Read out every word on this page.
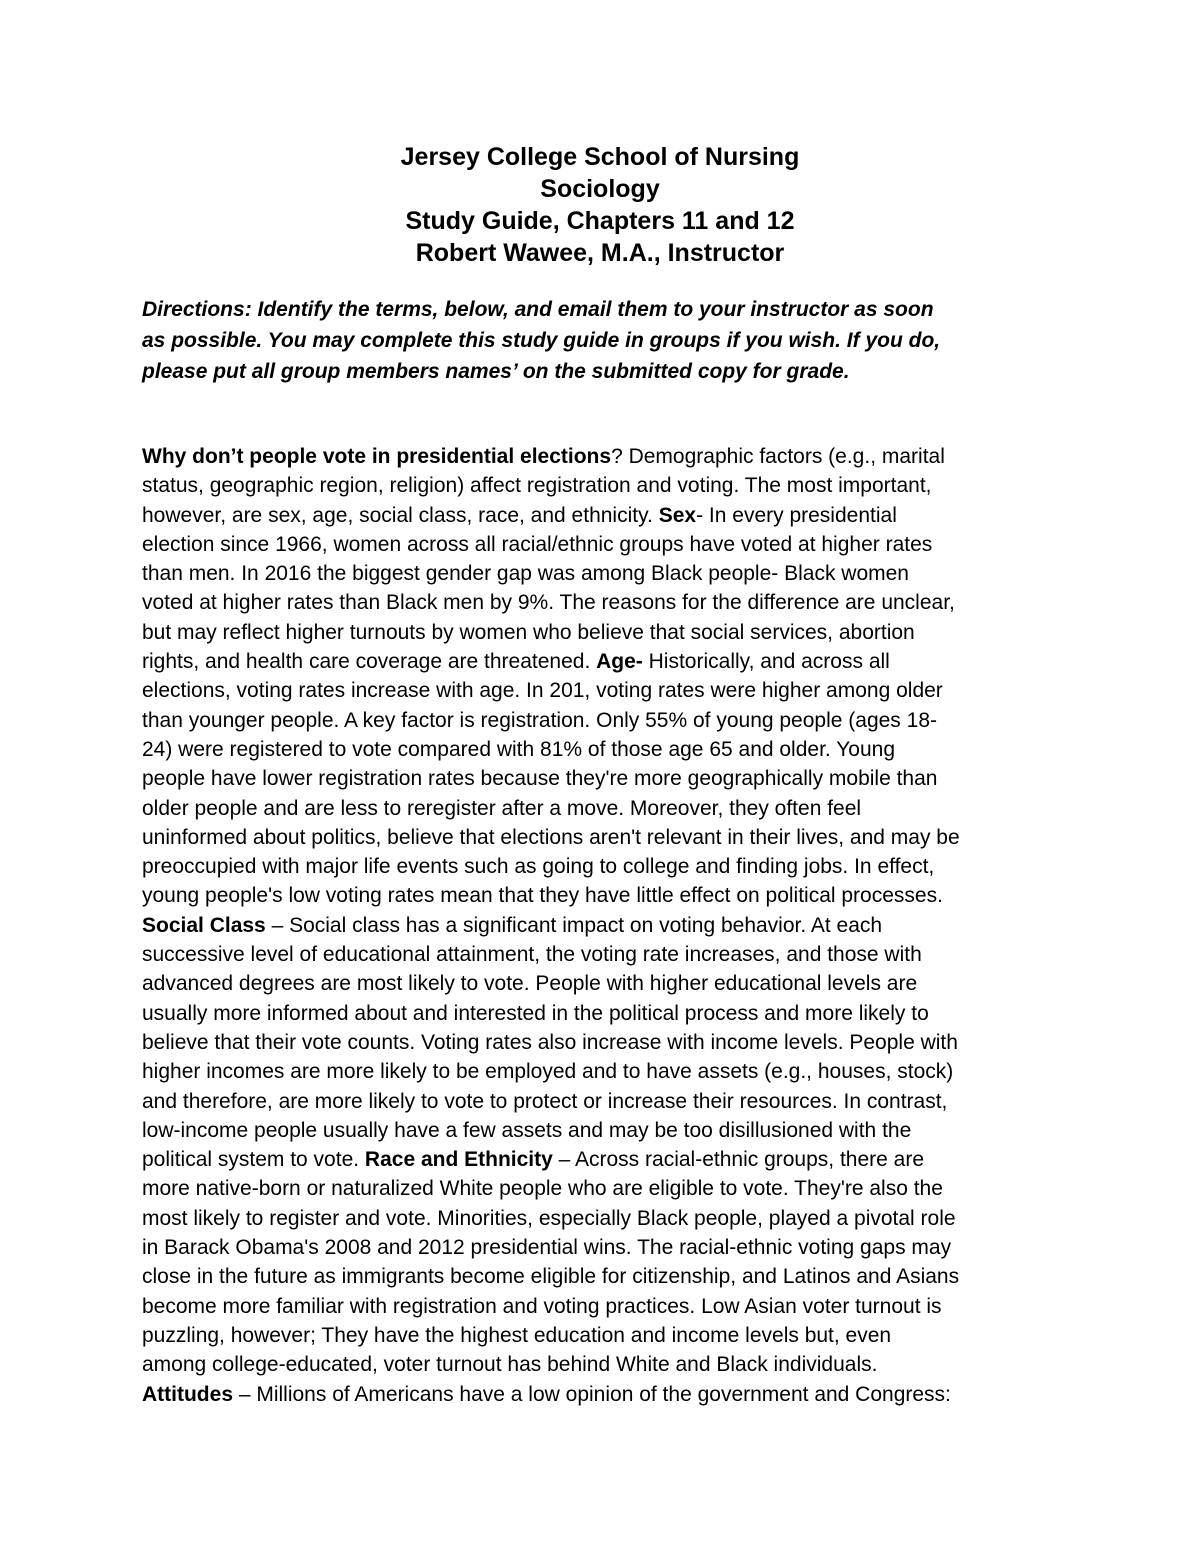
Jersey College School of Nursing
Sociology
Study Guide, Chapters 11 and 12
Robert Wawee, M.A., Instructor
Directions: Identify the terms, below, and email them to your instructor as soon
as possible. You may complete this study guide in groups if you wish. If you do,
please put all group members names’ on the submitted copy for grade.
Why don’t people vote in presidential elections? Demographic factors (e.g., marital
status, geographic region, religion) affect registration and voting. The most important,
however, are sex, age, social class, race, and ethnicity. Sex- In every presidential
election since 1966, women across all racial/ethnic groups have voted at higher rates
than men. In 2016 the biggest gender gap was among Black people- Black women
voted at higher rates than Black men by 9%. The reasons for the difference are unclear,
but may reflect higher turnouts by women who believe that social services, abortion
rights, and health care coverage are threatened. Age- Historically, and across all
elections, voting rates increase with age. In 201, voting rates were higher among older
than younger people. A key factor is registration. Only 55% of young people (ages 18-
24) were registered to vote compared with 81% of those age 65 and older. Young
people have lower registration rates because they're more geographically mobile than
older people and are less to reregister after a move. Moreover, they often feel
uninformed about politics, believe that elections aren't relevant in their lives, and may be
preoccupied with major life events such as going to college and finding jobs. In effect,
young people's low voting rates mean that they have little effect on political processes.
Social Class – Social class has a significant impact on voting behavior. At each
successive level of educational attainment, the voting rate increases, and those with
advanced degrees are most likely to vote. People with higher educational levels are
usually more informed about and interested in the political process and more likely to
believe that their vote counts. Voting rates also increase with income levels. People with
higher incomes are more likely to be employed and to have assets (e.g., houses, stock)
and therefore, are more likely to vote to protect or increase their resources. In contrast,
low-income people usually have a few assets and may be too disillusioned with the
political system to vote. Race and Ethnicity – Across racial-ethnic groups, there are
more native-born or naturalized White people who are eligible to vote. They're also the
most likely to register and vote. Minorities, especially Black people, played a pivotal role
in Barack Obama's 2008 and 2012 presidential wins. The racial-ethnic voting gaps may
close in the future as immigrants become eligible for citizenship, and Latinos and Asians
become more familiar with registration and voting practices. Low Asian voter turnout is
puzzling, however; They have the highest education and income levels but, even
among college-educated, voter turnout has behind White and Black individuals.
Attitudes – Millions of Americans have a low opinion of the government and Congress:
